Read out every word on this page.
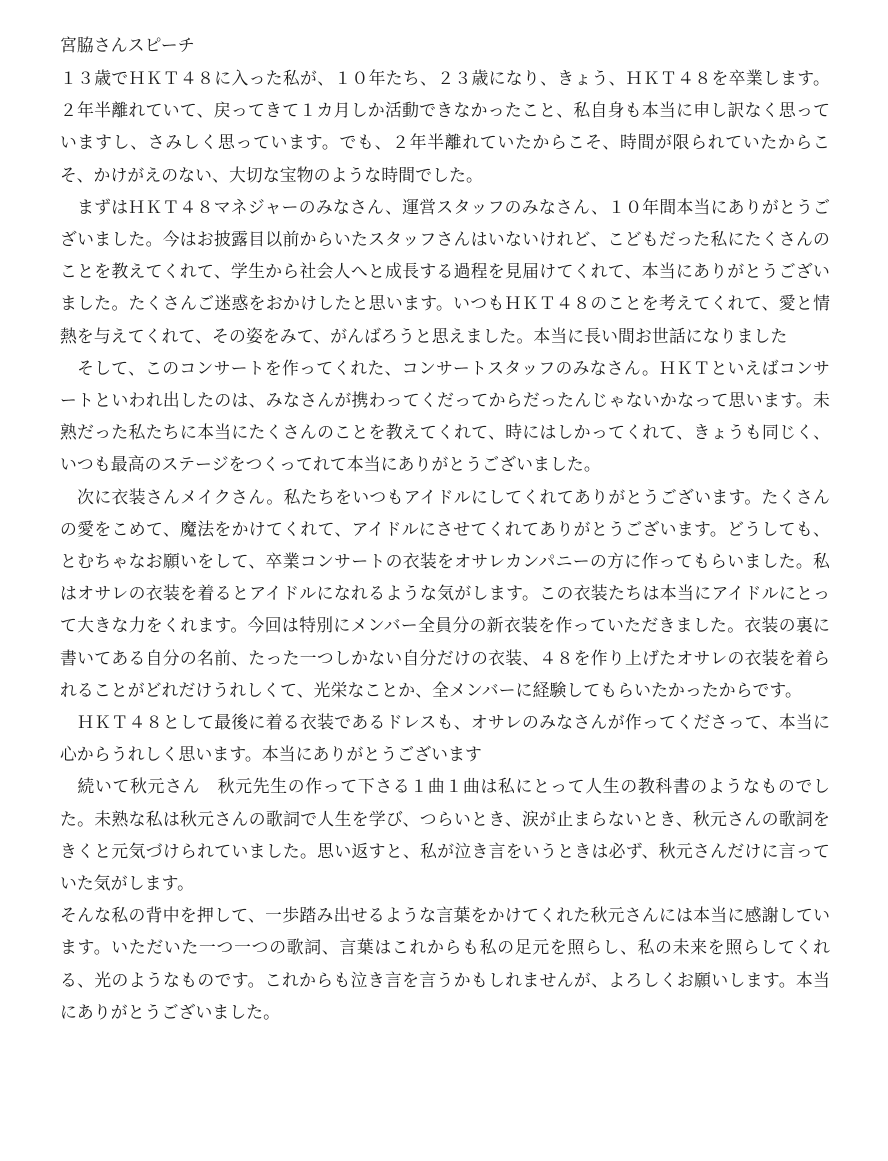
宮脇さんスピーチ

１３歳でＨＫＴ４８に入った私が、１０年たち、２３歳になり、きょう、ＨＫＴ４８を卒業します。２年半離れていて、戻ってきて１カ月しか活動できなかったこと、私自身も本当に申し訳なく思っていますし、さみしく思っています。でも、２年半離れていたからこそ、時間が限られていたからこそ、かけがえのない、大切な宝物のような時間でした。

　まずはＨＫＴ４８マネジャーのみなさん、運営スタッフのみなさん、１０年間本当にありがとうございました。今はお披露目以前からいたスタッフさんはいないけれど、こどもだった私にたくさんのことを教えてくれて、学生から社会人へと成長する過程を見届けてくれて、本当にありがとうございました。たくさんご迷惑をおかけしたと思います。いつもＨＫＴ４８のことを考えてくれて、愛と情熱を与えてくれて、その姿をみて、がんばろうと思えました。本当に長い間お世話になりました

　そして、このコンサートを作ってくれた、コンサートスタッフのみなさん。ＨＫＴといえばコンサートといわれ出したのは、みなさんが携わってくだってからだったんじゃないかなって思います。未熟だった私たちに本当にたくさんのことを教えてくれて、時にはしかってくれて、きょうも同じく、いつも最高のステージをつくってれて本当にありがとうございました。

　次に衣装さんメイクさん。私たちをいつもアイドルにしてくれてありがとうございます。たくさんの愛をこめて、魔法をかけてくれて、アイドルにさせてくれてありがとうございます。どうしても、とむちゃなお願いをして、卒業コンサートの衣装をオサレカンパニーの方に作ってもらいました。私はオサレの衣装を着るとアイドルになれるような気がします。この衣装たちは本当にアイドルにとって大きな力をくれます。今回は特別にメンバー全員分の新衣装を作っていただきました。衣装の裏に書いてある自分の名前、たった一つしかない自分だけの衣装、４８を作り上げたオサレの衣装を着られることがどれだけうれしくて、光栄なことか、全メンバーに経験してもらいたかったからです。

　ＨＫＴ４８として最後に着る衣装であるドレスも、オサレのみなさんが作ってくださって、本当に心からうれしく思います。本当にありがとうございます

　続いて秋元さん　秋元先生の作って下さる１曲１曲は私にとって人生の教科書のようなものでした。未熟な私は秋元さんの歌詞で人生を学び、つらいとき、涙が止まらないとき、秋元さんの歌詞をきくと元気づけられていました。思い返すと、私が泣き言をいうときは必ず、秋元さんだけに言っていた気がします。

そんな私の背中を押して、一歩踏み出せるような言葉をかけてくれた秋元さんには本当に感謝しています。いただいた一つ一つの歌詞、言葉はこれからも私の足元を照らし、私の未来を照らしてくれる、光のようなものです。これからも泣き言を言うかもしれませんが、よろしくお願いします。本当にありがとうございました。
